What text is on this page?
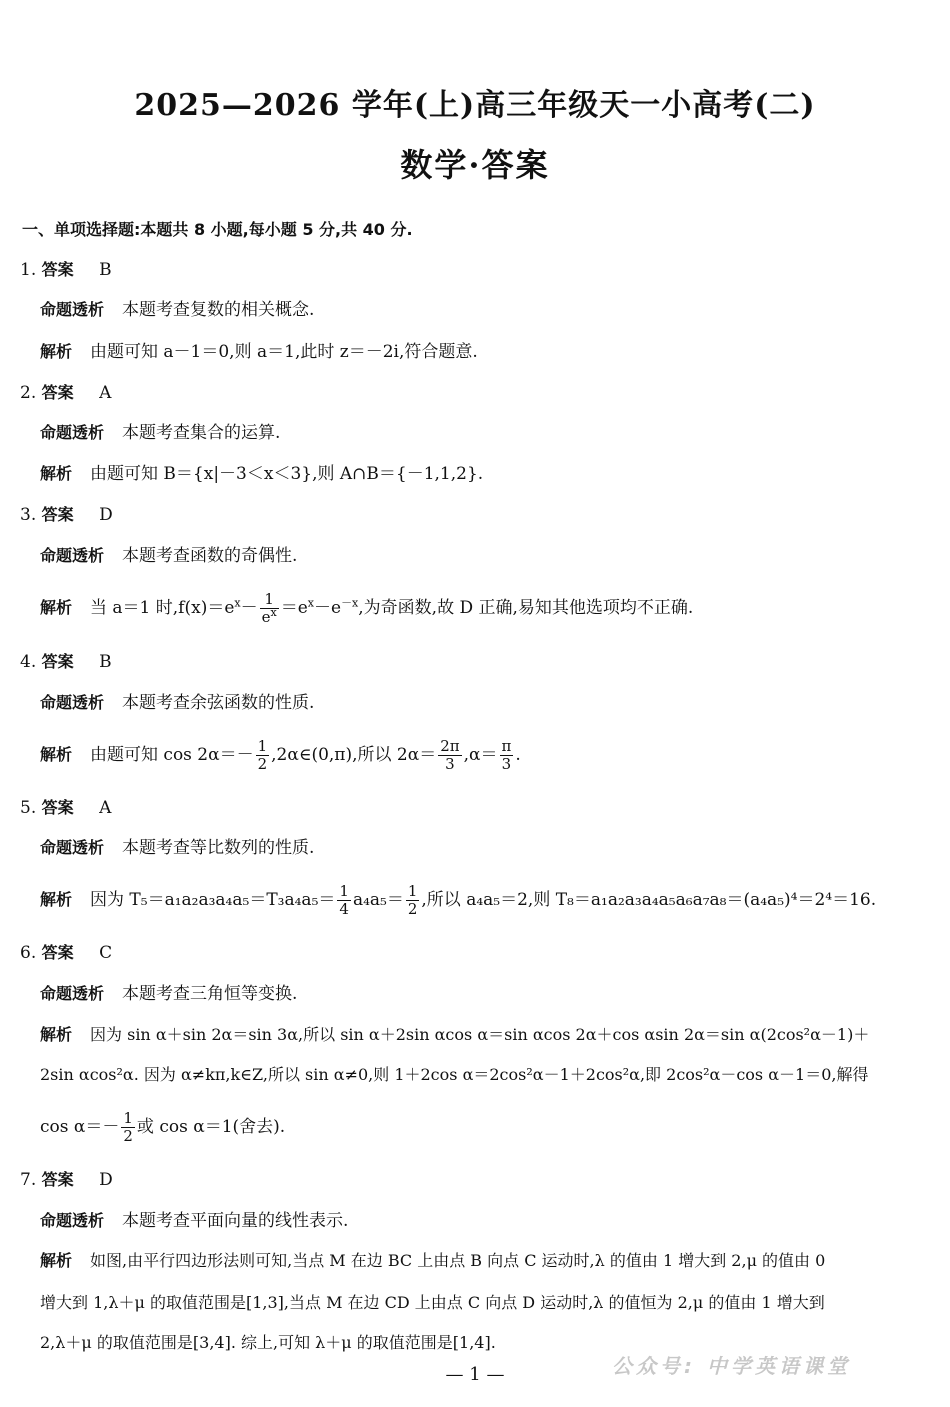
2025—2026 学年(上)高三年级天一小高考(二)
数学·答案
一、单项选择题:本题共 8 小题,每小题 5 分,共 40 分.
1. 答案 B
命题透析 本题考查复数的相关概念.
解析 由题可知 a－1＝0,则 a＝1,此时 z＝－2i,符合题意.
2. 答案 A
命题透析 本题考查集合的运算.
解析 由题可知 B＝{x|－3＜x＜3},则 A∩B＝{－1,1,2}.
3. 答案 D
命题透析 本题考查函数的奇偶性.
解析 当 a＝1 时$,f(x)=e^x- \frac{1}{e^x} =e^x-e^{-x}$,为奇函数,故 D 正确,易知其他选项均不正确.
4. 答案 B
命题透析 本题考查余弦函数的性质.
解析 由题可知 $\cos 2\alpha=- \frac{1}{2}$ ,2α∈(0,π),所以 $2\alpha= \frac{2\pi}{3} ,\alpha= \frac{\pi}{3}$ .
5. 答案 A
命题透析 本题考查等比数列的性质.
解析 因为 $T_5=a_1a_2a_3a_4a_5=T_3a_4a_5= \frac{1}{4} a_4a_5= \frac{1}{2}$ ,所以 a₄a₅＝2,则 T₈＝a₁a₂a₃a₄a₅a₆a₇a₈＝(a₄a₅)⁴＝2⁴＝16.
6. 答案 C
命题透析 本题考查三角恒等变换.
解析 因为 sin α＋sin 2α＝sin 3α,所以 sin α＋2sin αcos α＝sin αcos 2α＋cos αsin 2α＝sin α(2cos²α－1)＋
2sin αcos²α. 因为 α≠kπ,k∈Z,所以 sin α≠0,则 1＋2cos α＝2cos²α－1＋2cos²α,即 2cos²α－cos α－1＝0,解得
$\cos \alpha=- \frac{1}{2}$ 或 cos α＝1(舍去).
7. 答案 D
命题透析 本题考查平面向量的线性表示.
解析 如图,由平行四边形法则可知,当点 M 在边 BC 上由点 B 向点 C 运动时,λ 的值由 1 增大到 2,μ 的值由 0
增大到 1,λ＋μ 的取值范围是[1,3],当点 M 在边 CD 上由点 C 向点 D 运动时,λ 的值恒为 2,μ 的值由 1 增大到
2,λ＋μ 的取值范围是[3,4]. 综上,可知 λ＋μ 的取值范围是[1,4].
公众号: 中学英语课堂
— 1 —
